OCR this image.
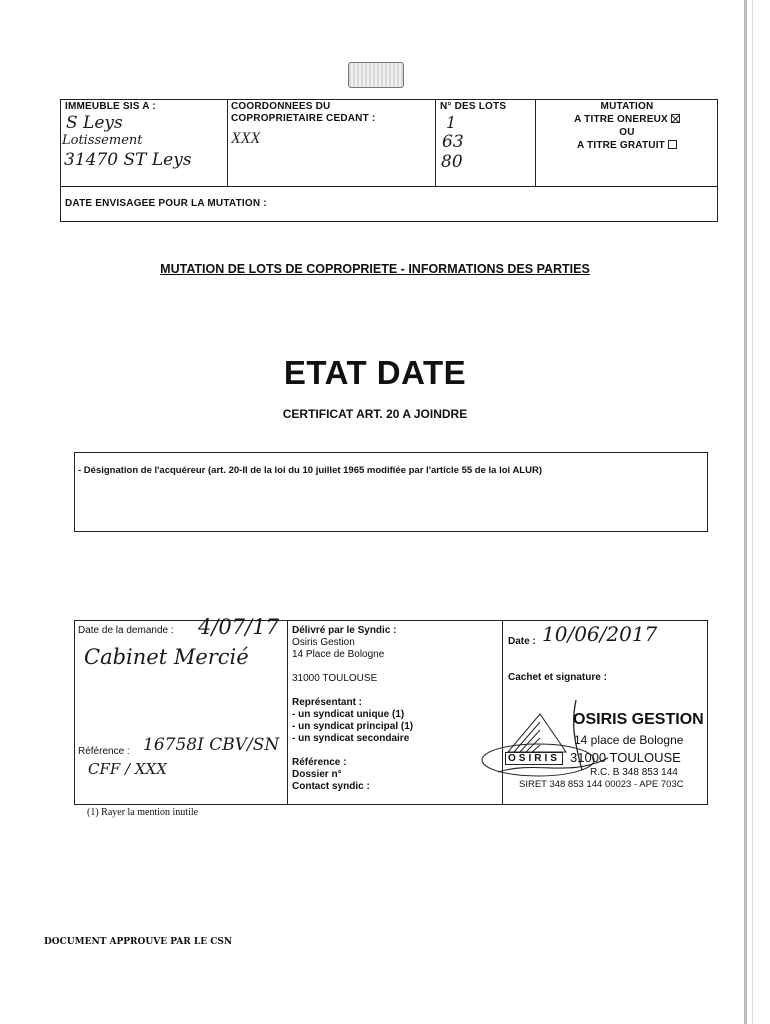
IMMEUBLE SIS A :
S Leys
Lotissement
31470 ST Leys
COORDONNEES DU
COPROPRIETAIRE CEDANT :
XXX
N° DES LOTS
1
63
80
MUTATION
A TITRE ONEREUX
OU
A TITRE GRATUIT
DATE ENVISAGEE POUR LA MUTATION :
MUTATION DE LOTS DE COPROPRIETE - INFORMATIONS DES PARTIES
ETAT DATE
CERTIFICAT ART. 20 A JOINDRE
- Désignation de l'acquéreur (art. 20-II de la loi du 10 juillet 1965 modifiée par l'article 55 de la loi ALUR)
Date de la demande : 4/07/17
Cabinet Mercié
Référence : 16758I CBV/SN
CFF / XXX
Délivré par le Syndic :
Osiris Gestion
14 Place de Bologne
31000 TOULOUSE
Représentant :
- un syndicat unique (1)
- un syndicat principal (1)
- un syndicat secondaire
Référence :
Dossier n°
Contact syndic :
Date : 10/06/2017
Cachet et signature :
OSIRIS
OSIRIS GESTION
14 place de Bologne
31000 TOULOUSE
R.C. B 348 853 144
SIRET 348 853 144 00023 - APE 703C
(1) Rayer la mention inutile
DOCUMENT APPROUVE PAR LE CSN
